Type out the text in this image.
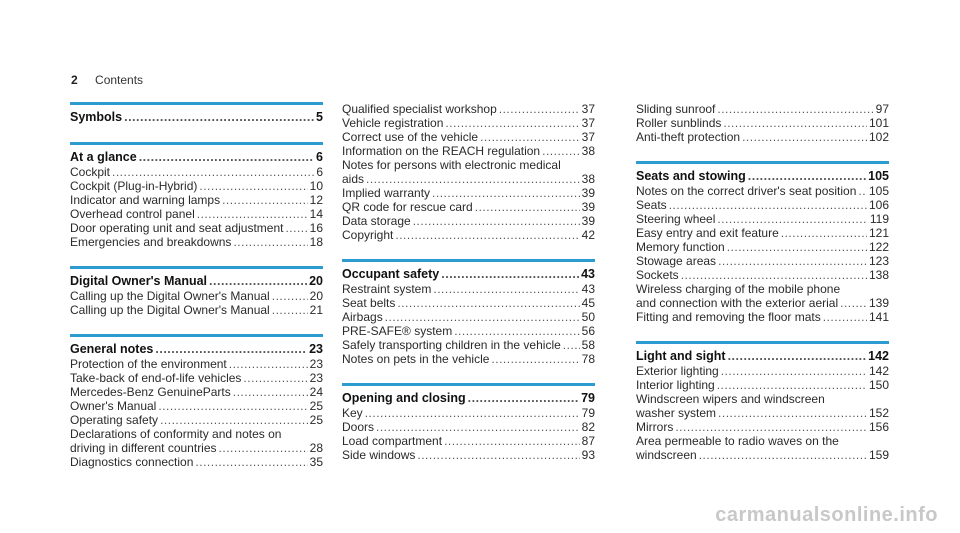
2 Contents
Symbols .....	5
At a glance .....	6
Cockpit .....	6
Cockpit (Plug-in-Hybrid) .....	10
Indicator and warning lamps .....	12
Overhead control panel .....	14
Door operating unit and seat adjustment ..... 16
Emergencies and breakdowns .....	18
Digital Owner's Manual .....	20
Calling up the Digital Owner's Manual .....	20
Calling up the Digital Owner's Manual .....	21
General notes .....	23
Protection of the environment .....	23
Take-back of end-of-life vehicles .....	23
Mercedes-Benz GenuineParts .....	24
Owner's Manual .....	25
Operating safety .....	25
Declarations of conformity and notes on
driving in different countries .....	28
Diagnostics connection .....	35
Qualified specialist workshop .....	37
Vehicle registration .....	37
Correct use of the vehicle .....	37
Information on the REACH regulation .....	38
Notes for persons with electronic medical
aids .....	38
Implied warranty .....	39
QR code for rescue card .....	39
Data storage .....	39
Copyright .....	42
Occupant safety .....	43
Restraint system .....	43
Seat belts .....	45
Airbags .....	50
PRE-SAFE® system .....	56
Safely transporting children in the vehicle ..... 58
Notes on pets in the vehicle .....	78
Opening and closing .....	79
Key .....	79
Doors .....	82
Load compartment .....	87
Side windows .....	93
Sliding sunroof .....	97
Roller sunblinds .....	101
Anti-theft protection .....	102
Seats and stowing .....	105
Notes on the correct driver's seat position ..... 105
Seats .....	106
Steering wheel .....	119
Easy entry and exit feature .....	121
Memory function .....	122
Stowage areas .....	123
Sockets .....	138
Wireless charging of the mobile phone
and connection with the exterior aerial .....	139
Fitting and removing the floor mats .....	141
Light and sight .....	142
Exterior lighting .....	142
Interior lighting .....	150
Windscreen wipers and windscreen
washer system .....	152
Mirrors .....	156
Area permeable to radio waves on the
windscreen .....	159
carmanualsonline.info
